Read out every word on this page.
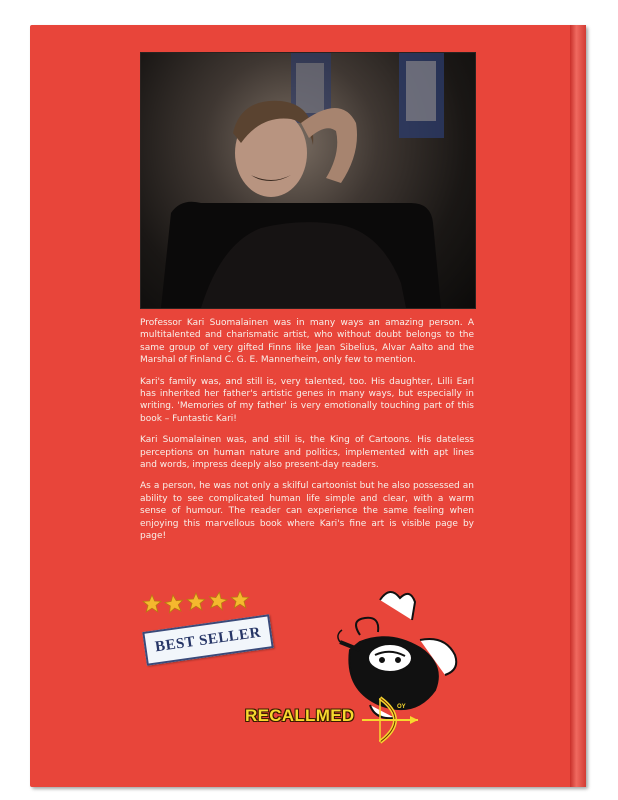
Professor Kari Suomalainen was in many ways an amazing person. A multitalented and charismatic artist, who without doubt belongs to the same group of very gifted Finns like Jean Sibelius, Alvar Aalto and the Marshal of Finland C. G. E. Mannerheim, only few to mention.

Kari's family was, and still is, very talented, too. His daughter, Lilli Earl has inherited her father's artistic genes in many ways, but especially in writing. 'Memories of my father' is very emotionally touching part of this book – Funtastic Kari!

Kari Suomalainen was, and still is, the King of Cartoons. His dateless perceptions on human nature and politics, implemented with apt lines and words, impress deeply also present-day readers.

As a person, he was not only a skilful cartoonist but he also possessed an ability to see complicated human life simple and clear, with a warm sense of humour. The reader can experience the same feeling when enjoying this marvellous book where Kari's fine art is visible page by page!

BEST SELLER
RECALLMED	OY
